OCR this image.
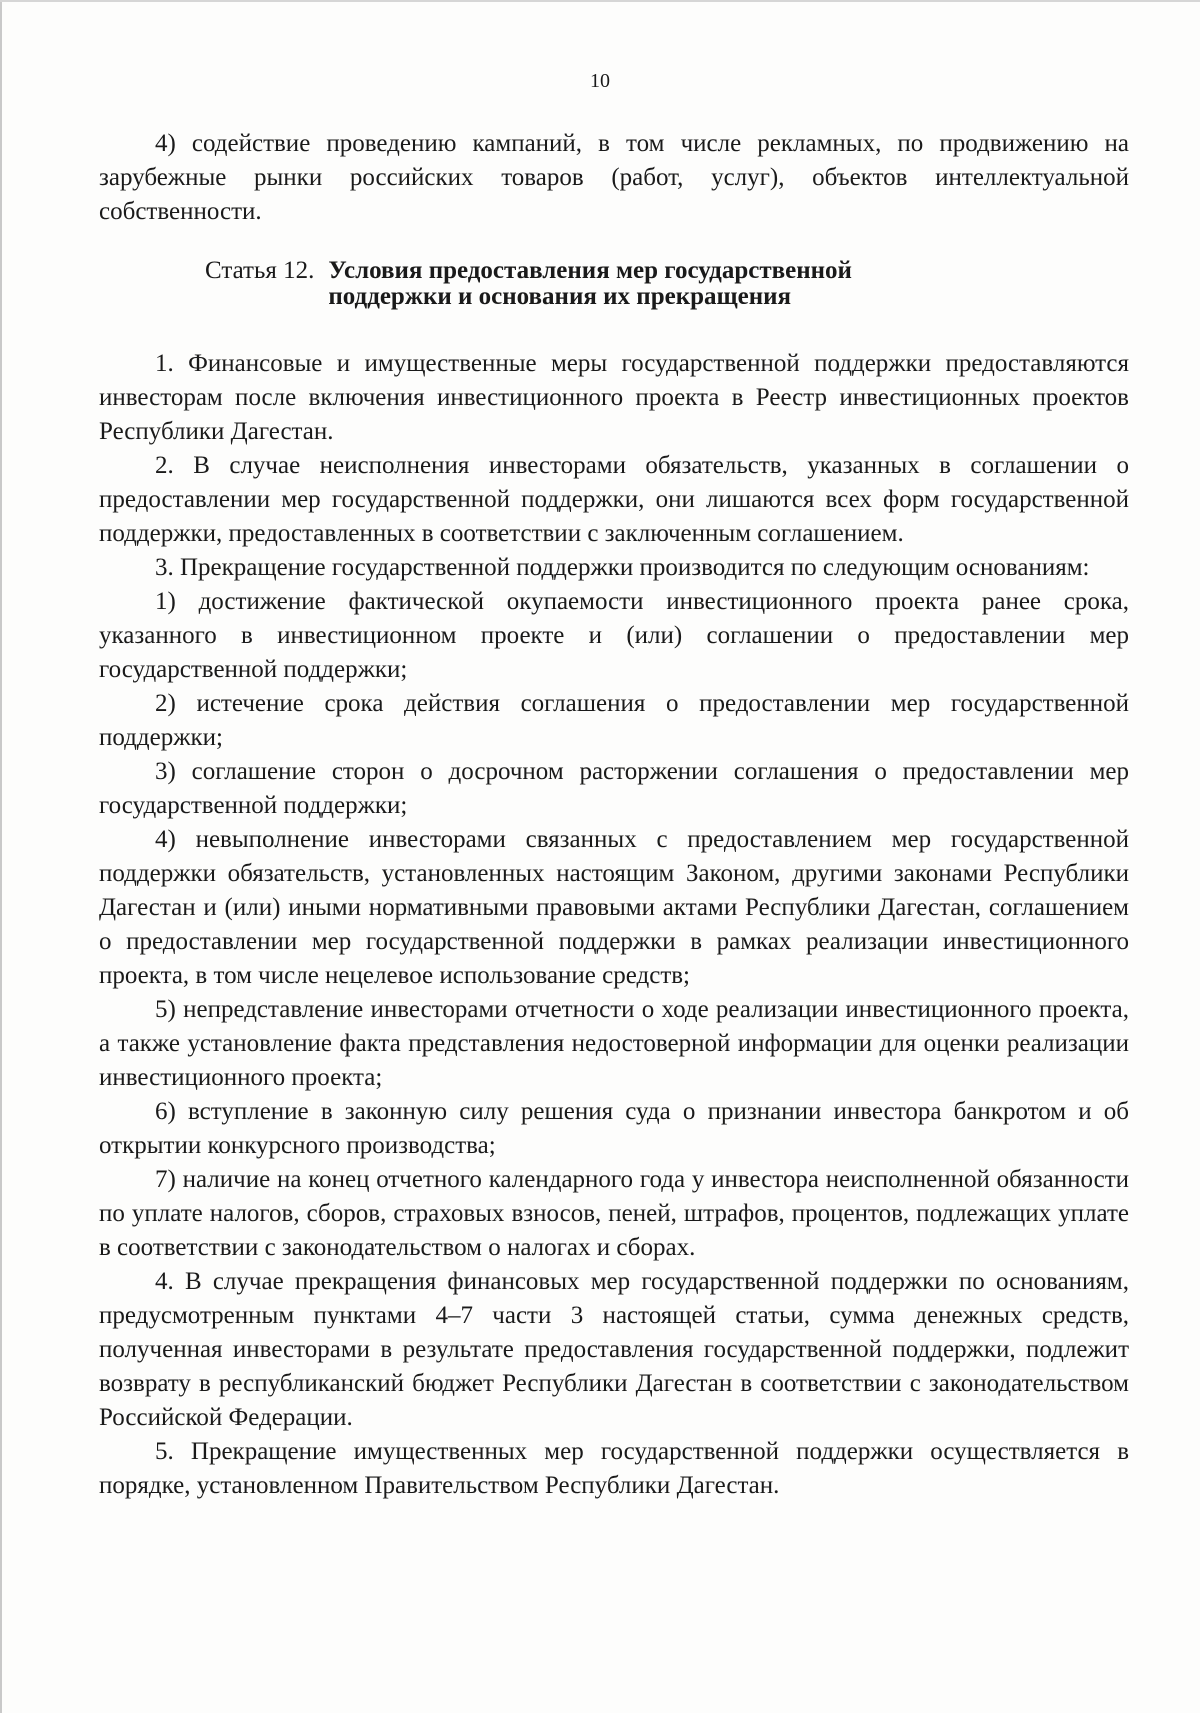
10

4) содействие проведению кампаний, в том числе рекламных, по продвижению на зарубежные рынки российских товаров (работ, услуг), объектов интеллектуальной собственности.

Статья 12. Условия предоставления мер государственной
поддержки и основания их прекращения

1. Финансовые и имущественные меры государственной поддержки предоставляются инвесторам после включения инвестиционного проекта в Реестр инвестиционных проектов Республики Дагестан.

2. В случае неисполнения инвесторами обязательств, указанных в соглашении о предоставлении мер государственной поддержки, они лишаются всех форм государственной поддержки, предоставленных в соответствии с заключенным соглашением.

3. Прекращение государственной поддержки производится по следующим основаниям:

1) достижение фактической окупаемости инвестиционного проекта ранее срока, указанного в инвестиционном проекте и (или) соглашении о предоставлении мер государственной поддержки;

2) истечение срока действия соглашения о предоставлении мер государственной поддержки;

3) соглашение сторон о досрочном расторжении соглашения о предоставлении мер государственной поддержки;

4) невыполнение инвесторами связанных с предоставлением мер государственной поддержки обязательств, установленных настоящим Законом, другими законами Республики Дагестан и (или) иными нормативными правовыми актами Республики Дагестан, соглашением о предоставлении мер государственной поддержки в рамках реализации инвестиционного проекта, в том числе нецелевое использование средств;

5) непредставление инвесторами отчетности о ходе реализации инвестиционного проекта, а также установление факта представления недостоверной информации для оценки реализации инвестиционного проекта;

6) вступление в законную силу решения суда о признании инвестора банкротом и об открытии конкурсного производства;

7) наличие на конец отчетного календарного года у инвестора неисполненной обязанности по уплате налогов, сборов, страховых взносов, пеней, штрафов, процентов, подлежащих уплате в соответствии с законодательством о налогах и сборах.

4. В случае прекращения финансовых мер государственной поддержки по основаниям, предусмотренным пунктами 4–7 части 3 настоящей статьи, сумма денежных средств, полученная инвесторами в результате предоставления государственной поддержки, подлежит возврату в республиканский бюджет Республики Дагестан в соответствии с законодательством Российской Федерации.

5. Прекращение имущественных мер государственной поддержки осуществляется в порядке, установленном Правительством Республики Дагестан.
